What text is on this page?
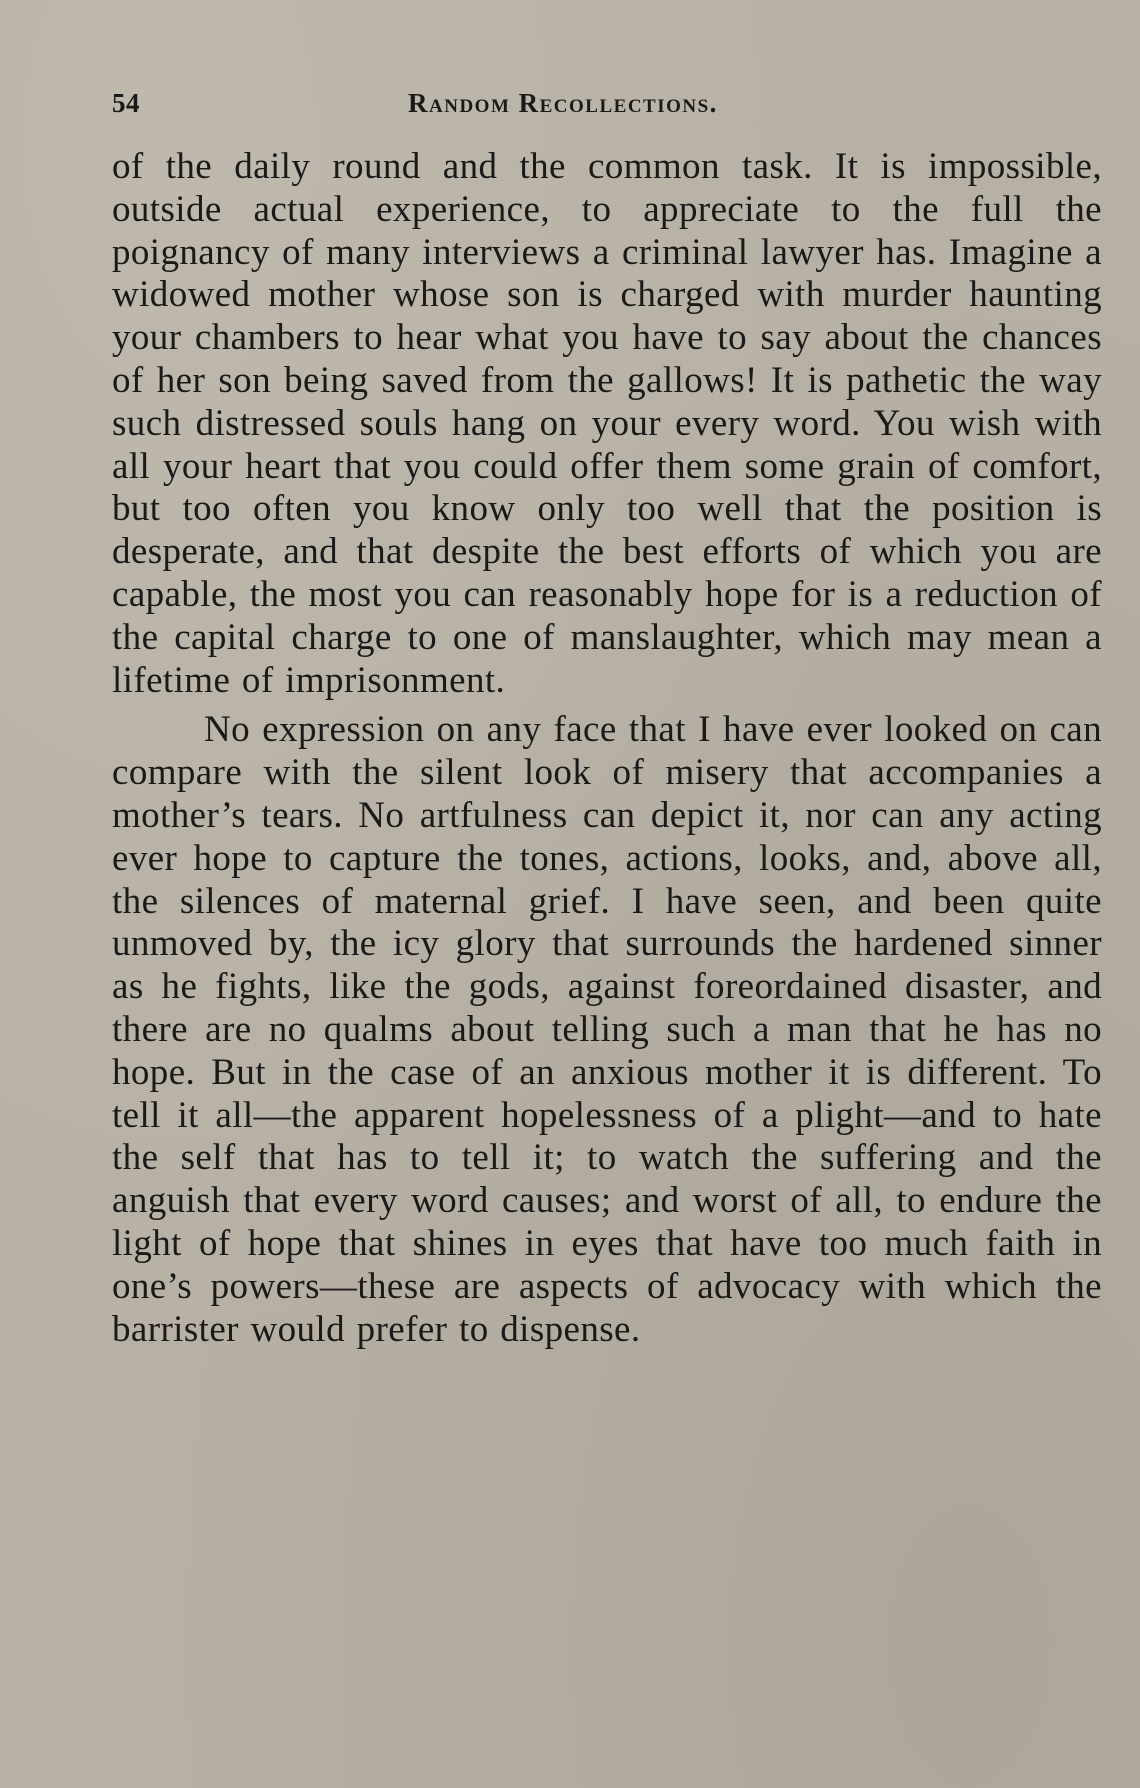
54	Random Recollections.

of the daily round and the common task. It is impossible, outside actual experience, to appreciate to the full the poignancy of many interviews a criminal lawyer has. Imagine a widowed mother whose son is charged with murder haunting your chambers to hear what you have to say about the chances of her son being saved from the gallows! It is pathetic the way such distressed souls hang on your every word. You wish with all your heart that you could offer them some grain of comfort, but too often you know only too well that the position is desperate, and that despite the best efforts of which you are capable, the most you can reasonably hope for is a reduction of the capital charge to one of manslaughter, which may mean a lifetime of imprisonment.

No expression on any face that I have ever looked on can compare with the silent look of misery that accompanies a mother’s tears. No artfulness can depict it, nor can any acting ever hope to capture the tones, actions, looks, and, above all, the silences of maternal grief. I have seen, and been quite unmoved by, the icy glory that surrounds the hardened sinner as he fights, like the gods, against foreordained disaster, and there are no qualms about telling such a man that he has no hope. But in the case of an anxious mother it is different. To tell it all—the apparent hopelessness of a plight—and to hate the self that has to tell it; to watch the suffering and the anguish that every word causes; and worst of all, to endure the light of hope that shines in eyes that have too much faith in one’s powers—these are aspects of advocacy with which the barrister would prefer to dispense.
